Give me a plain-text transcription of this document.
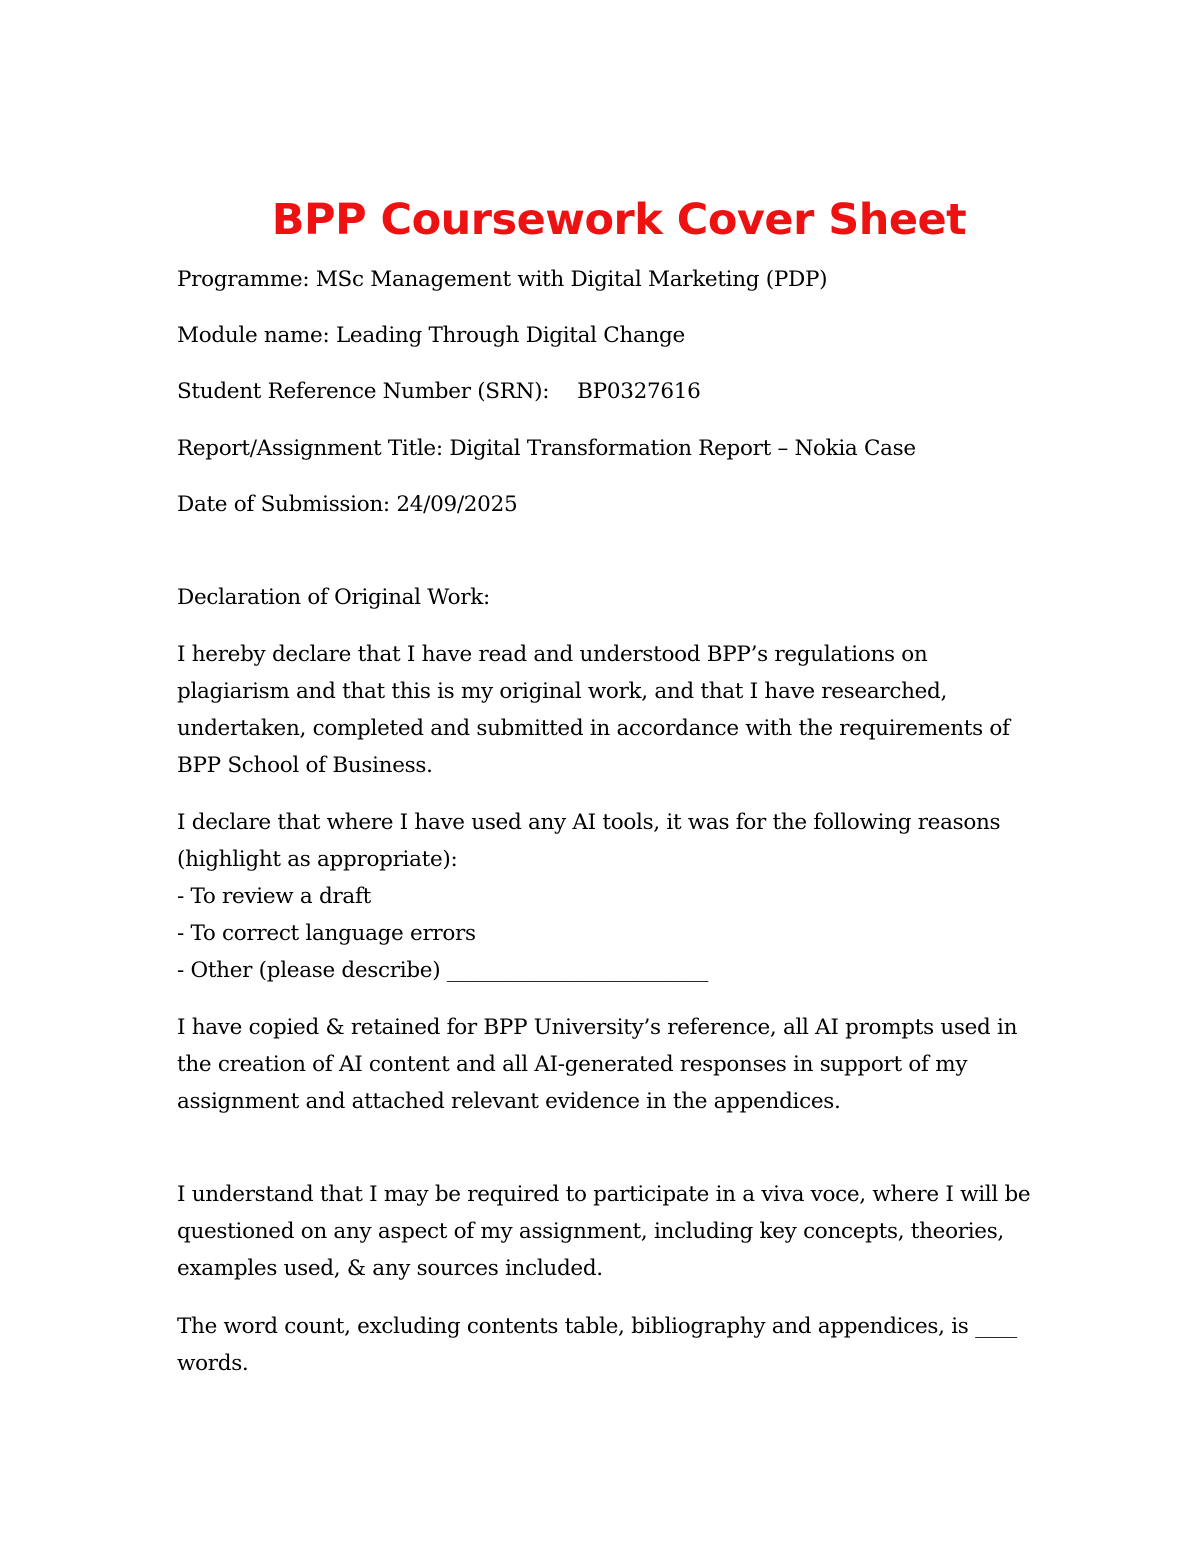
BPP Coursework Cover Sheet

Programme: MSc Management with Digital Marketing (PDP)

Module name: Leading Through Digital Change

Student Reference Number (SRN): BP0327616

Report/Assignment Title: Digital Transformation Report – Nokia Case

Date of Submission: 24/09/2025

Declaration of Original Work:

I hereby declare that I have read and understood BPP’s regulations on plagiarism and that this is my original work, and that I have researched, undertaken, completed and submitted in accordance with the requirements of BPP School of Business.

I declare that where I have used any AI tools, it was for the following reasons (highlight as appropriate):
- To review a draft
- To correct language errors
- Other (please describe) _________________________

I have copied & retained for BPP University’s reference, all AI prompts used in the creation of AI content and all AI-generated responses in support of my assignment and attached relevant evidence in the appendices.

I understand that I may be required to participate in a viva voce, where I will be questioned on any aspect of my assignment, including key concepts, theories, examples used, & any sources included.

The word count, excluding contents table, bibliography and appendices, is ____ words.
